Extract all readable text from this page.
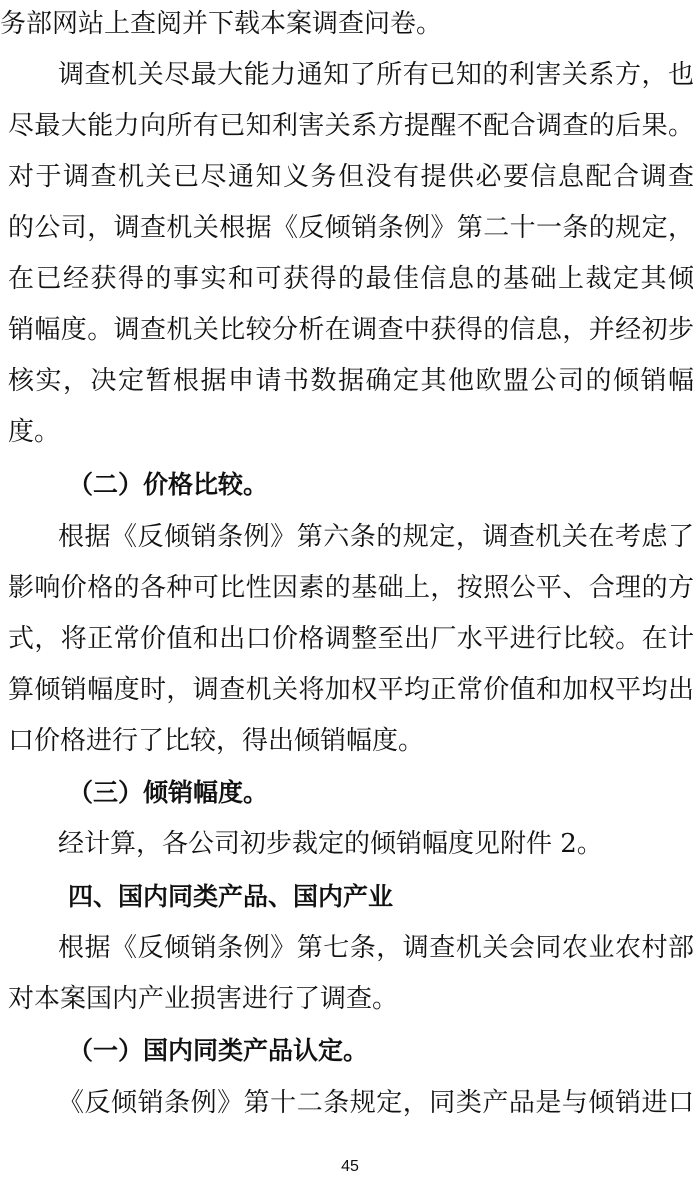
务部网站上查阅并下载本案调查问卷。
调查机关尽最大能力通知了所有已知的利害关系方，也
尽最大能力向所有已知利害关系方提醒不配合调查的后果。
对于调查机关已尽通知义务但没有提供必要信息配合调查
的公司，调查机关根据《反倾销条例》第二十一条的规定，
在已经获得的事实和可获得的最佳信息的基础上裁定其倾
销幅度。调查机关比较分析在调查中获得的信息，并经初步
核实，决定暂根据申请书数据确定其他欧盟公司的倾销幅
度。
（二）价格比较。
根据《反倾销条例》第六条的规定，调查机关在考虑了
影响价格的各种可比性因素的基础上，按照公平、合理的方
式，将正常价值和出口价格调整至出厂水平进行比较。在计
算倾销幅度时，调查机关将加权平均正常价值和加权平均出
口价格进行了比较，得出倾销幅度。
（三）倾销幅度。
经计算，各公司初步裁定的倾销幅度见附件 2。
四、国内同类产品、国内产业
根据《反倾销条例》第七条，调查机关会同农业农村部
对本案国内产业损害进行了调查。
（一）国内同类产品认定。
《反倾销条例》第十二条规定，同类产品是与倾销进口
45
